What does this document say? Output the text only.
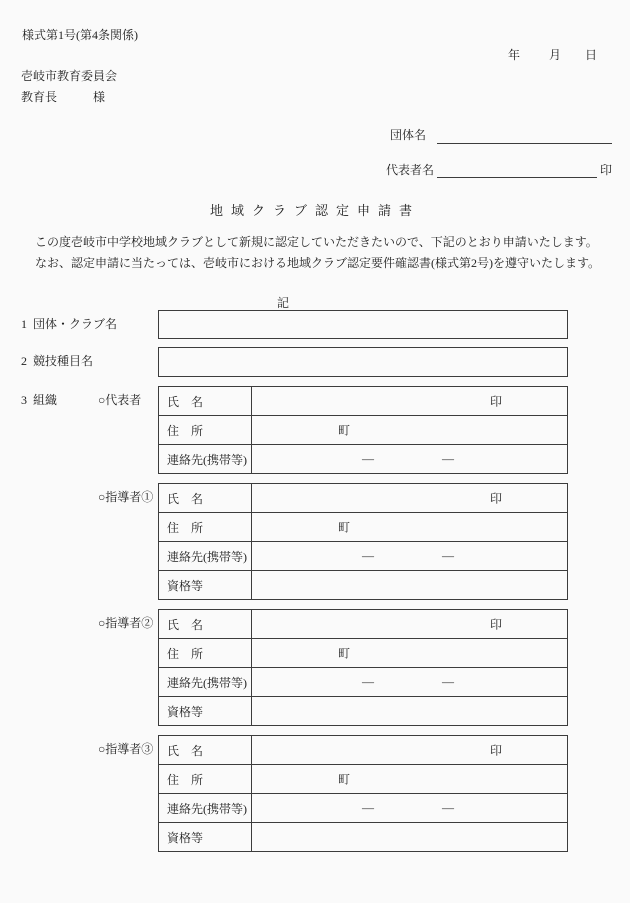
様式第1号(第4条関係)
年 月 日
壱岐市教育委員会
教育長	様
団体名
代表者名	印
地域クラブ認定申請書
この度壱岐市中学校地域クラブとして新規に認定していただきたいので、下記のとおり申請いたします。
なお、認定申請に当たっては、壱岐市における地域クラブ認定要件確認書(様式第2号)を遵守いたします。
記
1 団体・クラブ名
2 競技種目名
3 組織	○代表者	氏　名	印
住　所	町
連絡先(携帯等)	―	―
○指導者①	氏　名	印
住　所	町
連絡先(携帯等)	―	―
資格等
○指導者②	氏　名	印
住　所	町
連絡先(携帯等)	―	―
資格等
○指導者③	氏　名	印
住　所	町
連絡先(携帯等)	―	―
資格等
